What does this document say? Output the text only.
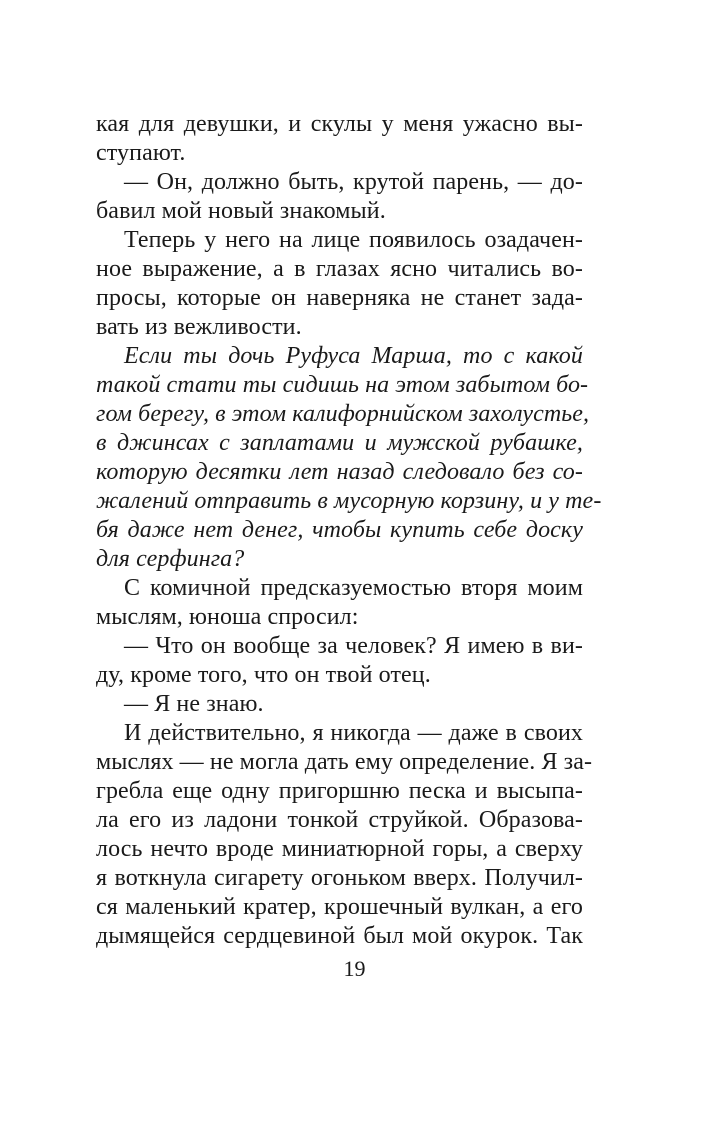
кая для девушки, и скулы у меня ужасно вы-
ступают.
— Он, должно быть, крутой парень, — до-
бавил мой новый знакомый.
Теперь у него на лице появилось озадачен-
ное выражение, а в глазах ясно читались во-
просы, которые он наверняка не станет зада-
вать из вежливости.
Если ты дочь Руфуса Марша, то с какой
такой стати ты сидишь на этом забытом бо-
гом берегу, в этом калифорнийском захолустье,
в джинсах с заплатами и мужской рубашке,
которую десятки лет назад следовало без со-
жалений отправить в мусорную корзину, и у те-
бя даже нет денег, чтобы купить себе доску
для серфинга?
С комичной предсказуемостью вторя моим
мыслям, юноша спросил:
— Что он вообще за человек? Я имею в ви-
ду, кроме того, что он твой отец.
— Я не знаю.
И действительно, я никогда — даже в своих
мыслях — не могла дать ему определение. Я за-
гребла еще одну пригоршню песка и высыпа-
ла его из ладони тонкой струйкой. Образова-
лось нечто вроде миниатюрной горы, а сверху
я воткнула сигарету огоньком вверх. Получил-
ся маленький кратер, крошечный вулкан, а его
дымящейся сердцевиной был мой окурок. Так
19
